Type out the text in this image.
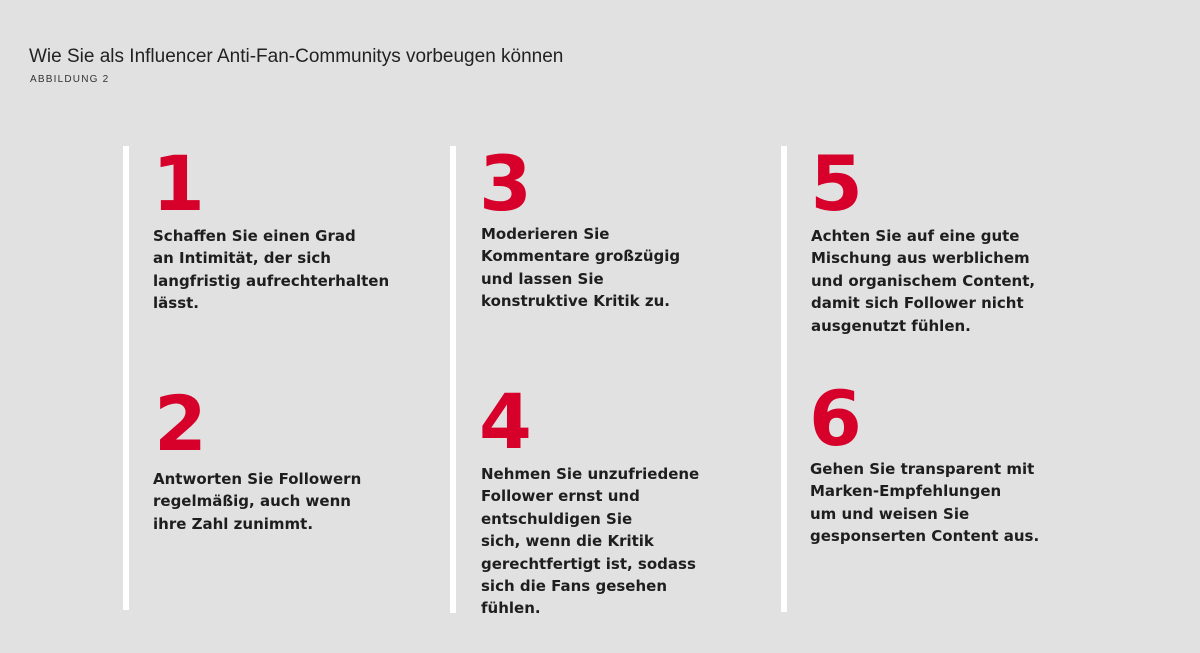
Wie Sie als Influencer Anti-Fan-Communitys vorbeugen können
ABBILDUNG 2
1
Schaffen Sie einen Grad
an Intimität, der sich
langfristig aufrechterhalten
lässt.
2
Antworten Sie Followern
regelmäßig, auch wenn
ihre Zahl zunimmt.
3
Moderieren Sie
Kommentare großzügig
und lassen Sie
konstruktive Kritik zu.
4
Nehmen Sie unzufriedene
Follower ernst und
entschuldigen Sie
sich, wenn die Kritik
gerechtfertigt ist, sodass
sich die Fans gesehen
fühlen.
5
Achten Sie auf eine gute
Mischung aus werblichem
und organischem Content,
damit sich Follower nicht
ausgenutzt fühlen.
6
Gehen Sie transparent mit
Marken-Empfehlungen
um und weisen Sie
gesponserten Content aus.
